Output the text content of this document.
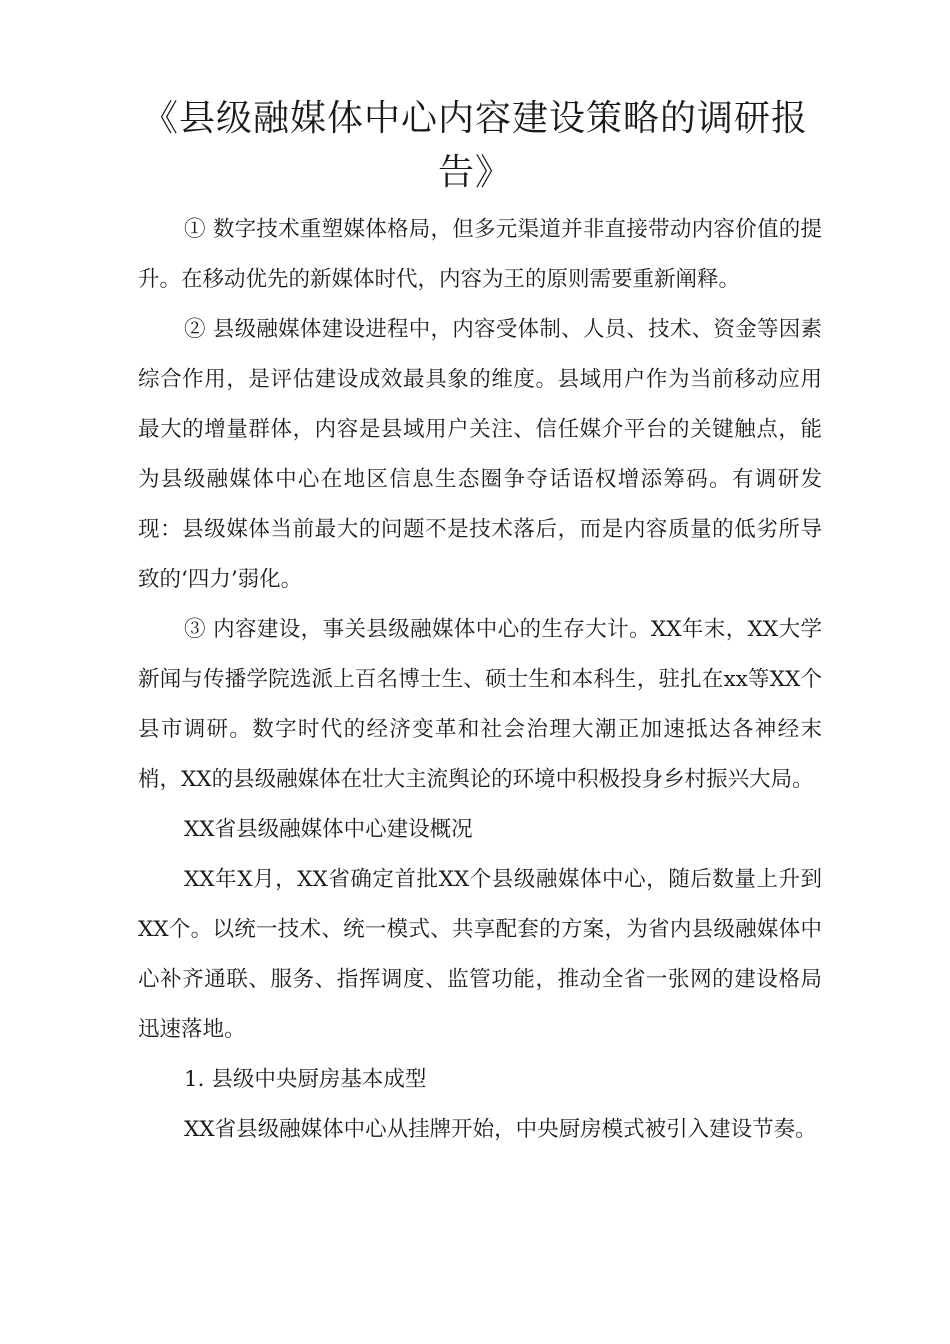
《县级融媒体中心内容建设策略的调研报告》

① 数字技术重塑媒体格局，但多元渠道并非直接带动内容价值的提升。在移动优先的新媒体时代，内容为王的原则需要重新阐释。

② 县级融媒体建设进程中，内容受体制、人员、技术、资金等因素综合作用，是评估建设成效最具象的维度。县域用户作为当前移动应用最大的增量群体，内容是县域用户关注、信任媒介平台的关键触点，能为县级融媒体中心在地区信息生态圈争夺话语权增添筹码。有调研发现：县级媒体当前最大的问题不是技术落后，而是内容质量的低劣所导致的‘四力’弱化。

③ 内容建设，事关县级融媒体中心的生存大计。XX年末，XX大学新闻与传播学院选派上百名博士生、硕士生和本科生，驻扎在xx等XX个县市调研。数字时代的经济变革和社会治理大潮正加速抵达各神经末梢，XX的县级融媒体在壮大主流舆论的环境中积极投身乡村振兴大局。

XX省县级融媒体中心建设概况

XX年X月，XX省确定首批XX个县级融媒体中心，随后数量上升到XX个。以统一技术、统一模式、共享配套的方案，为省内县级融媒体中心补齐通联、服务、指挥调度、监管功能，推动全省一张网的建设格局迅速落地。

1. 县级中央厨房基本成型

XX省县级融媒体中心从挂牌开始，中央厨房模式被引入建设节奏。
